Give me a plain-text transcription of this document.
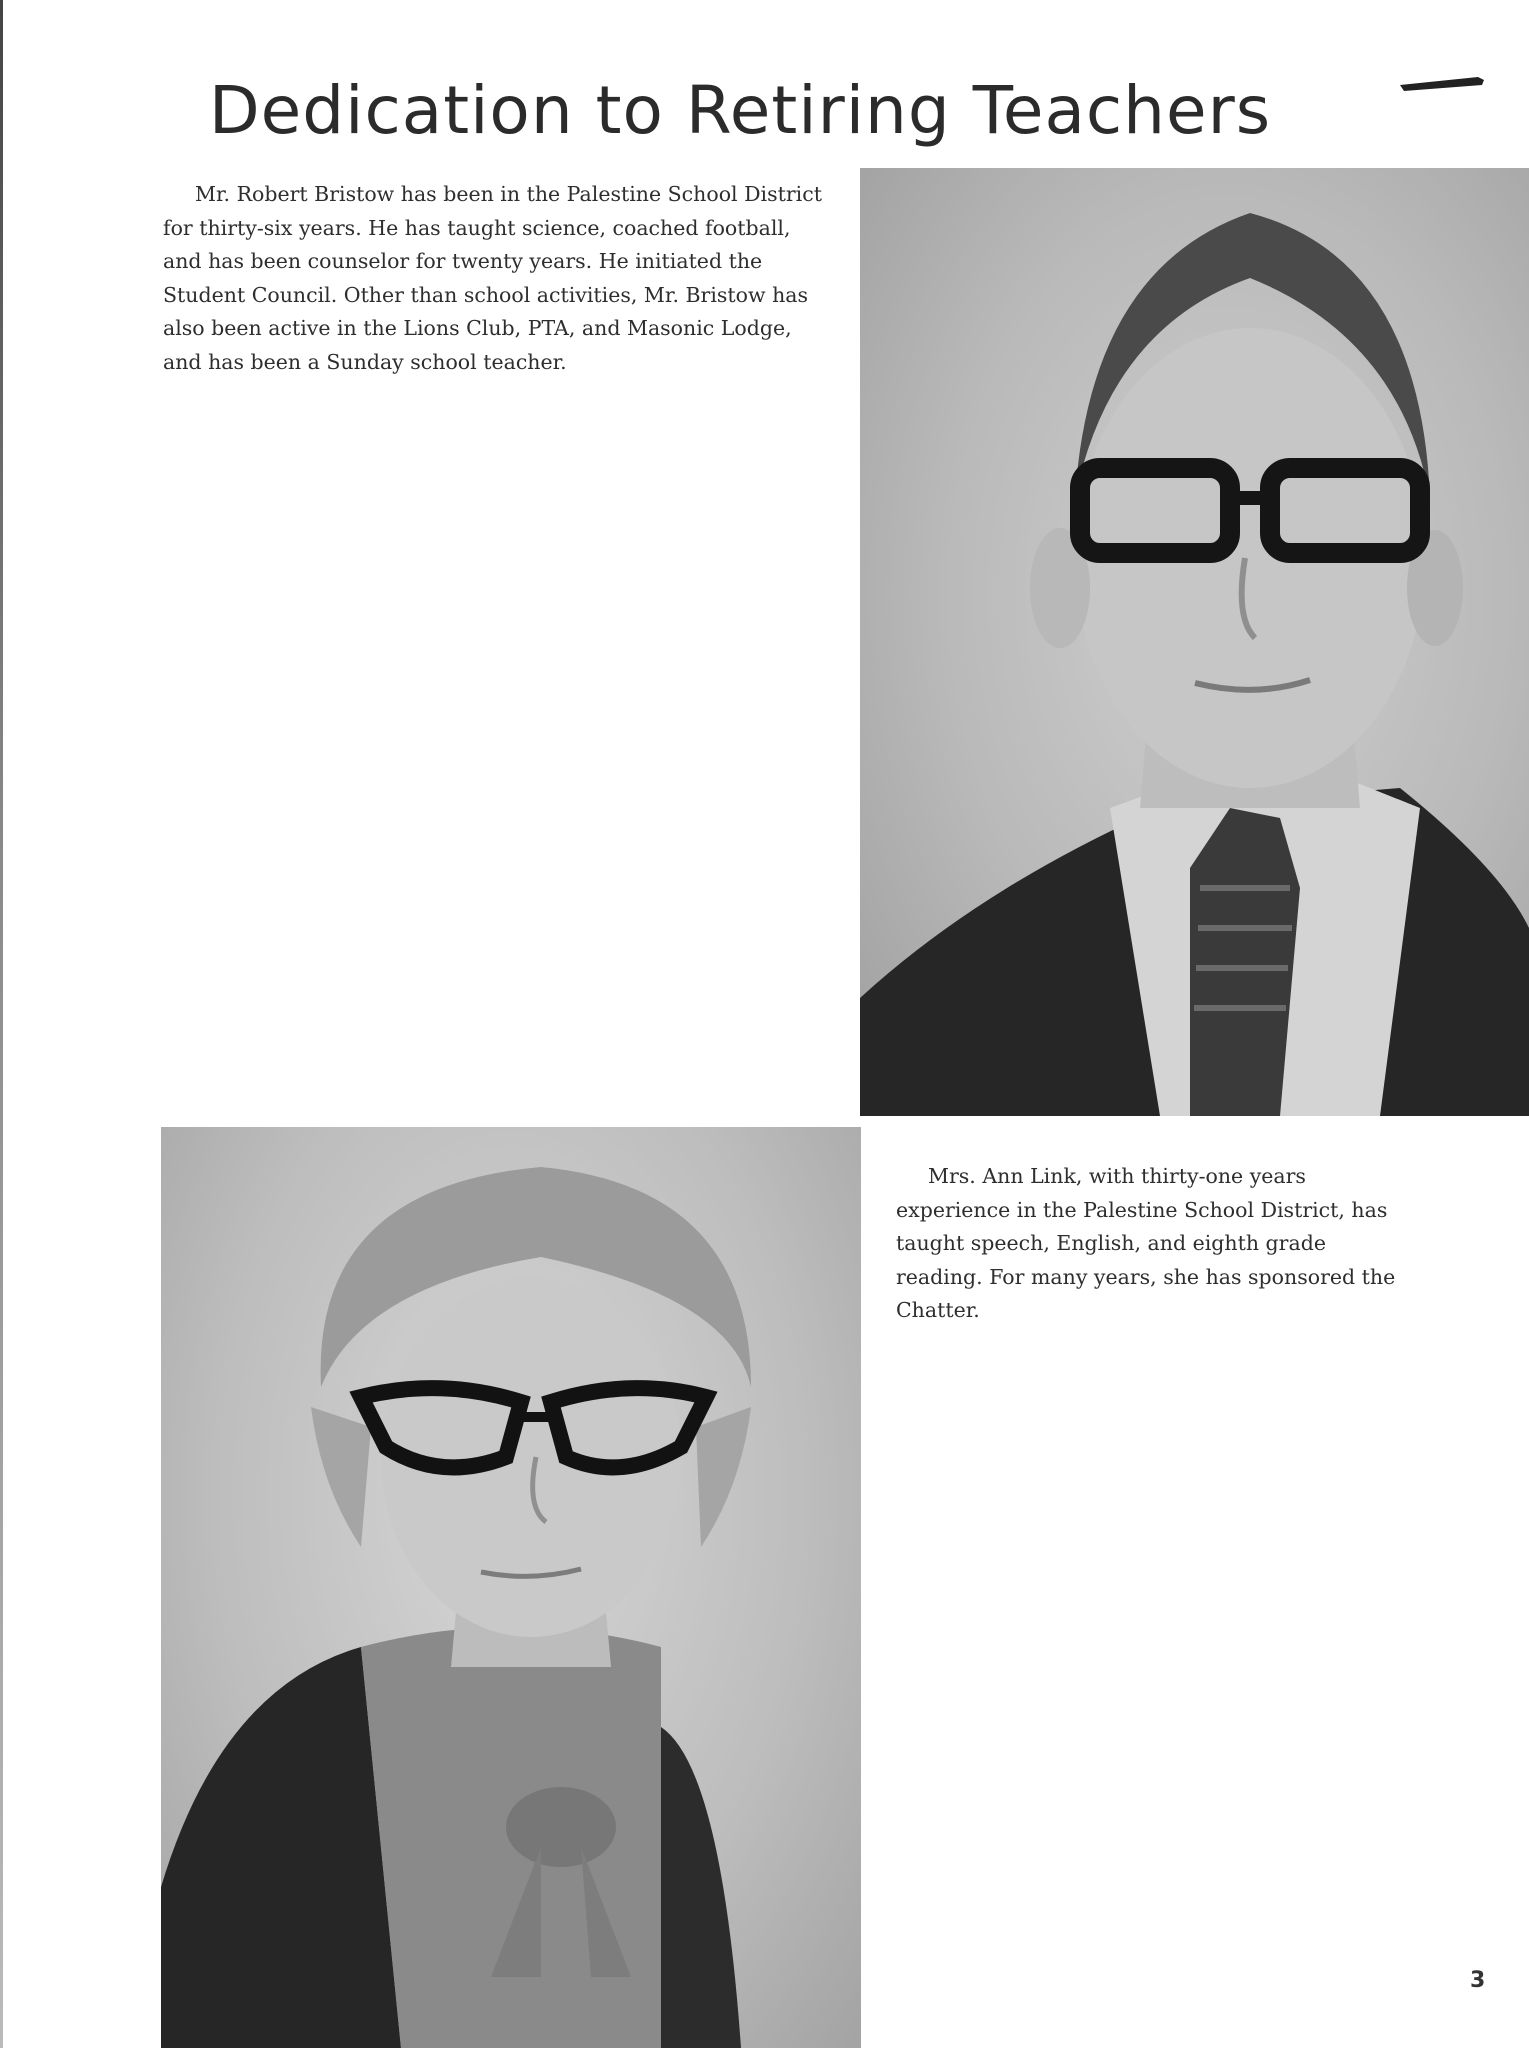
Dedication to Retiring Teachers

Mr. Robert Bristow has been in the Palestine School District for thirty-six years. He has taught science, coached football, and has been counselor for twenty years. He initiated the Student Council. Other than school activities, Mr. Bristow has also been active in the Lions Club, PTA, and Masonic Lodge, and has been a Sunday school teacher.

Mrs. Ann Link, with thirty-one years experience in the Palestine School District, has taught speech, English, and eighth grade reading. For many years, she has sponsored the Chatter.

3
